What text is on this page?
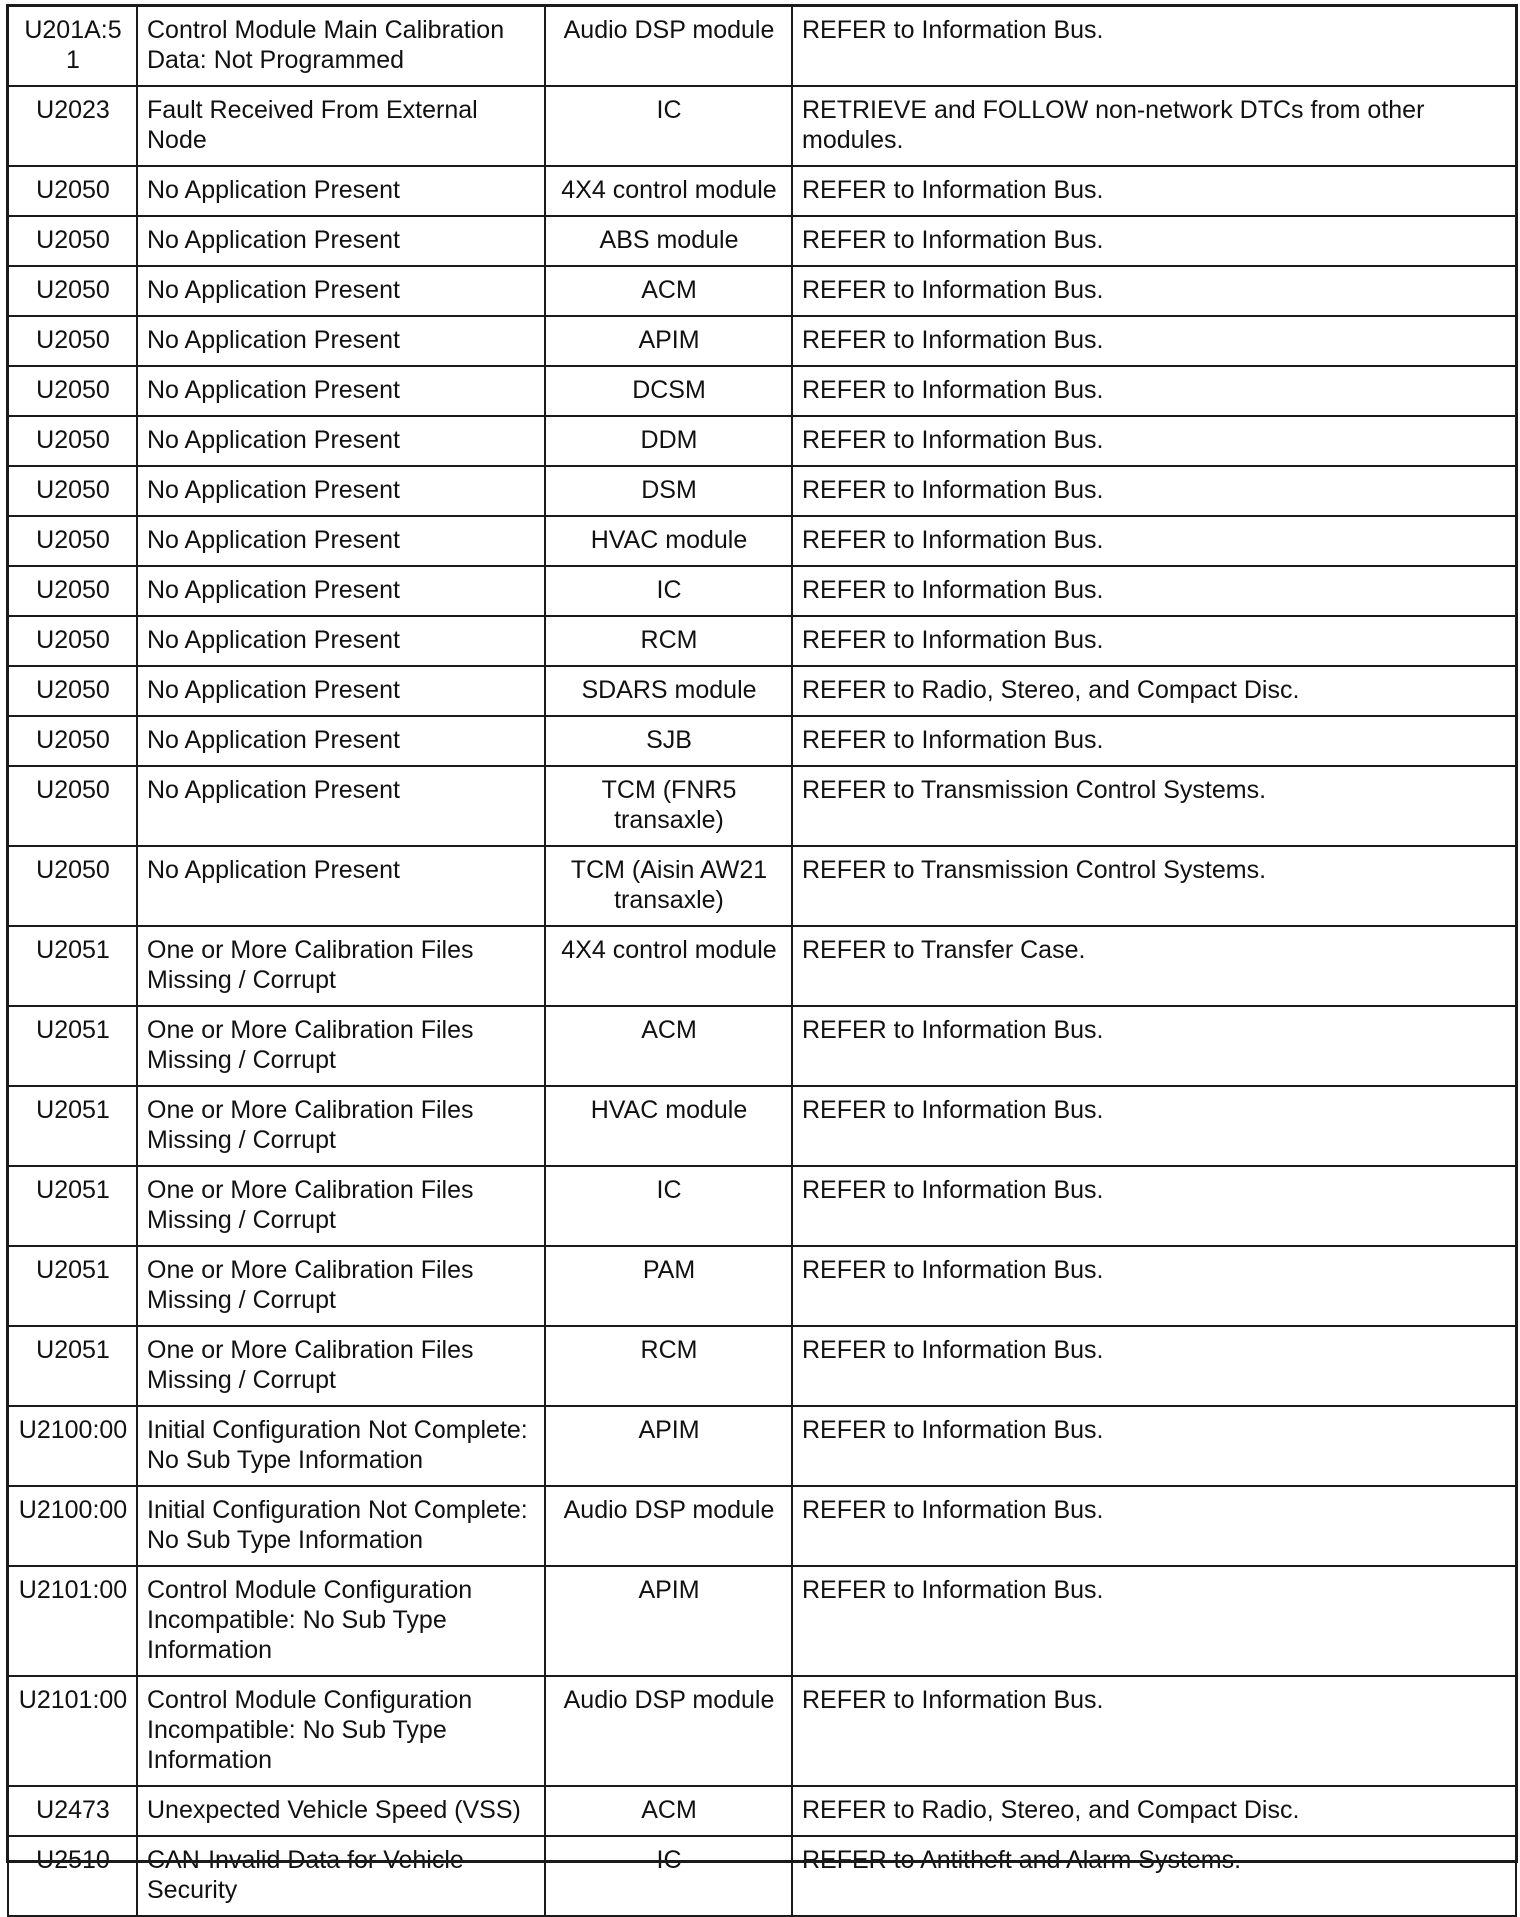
U201A:51	Control Module Main Calibration Data: Not Programmed	Audio DSP module	REFER to Information Bus.
U2023	Fault Received From External Node	IC	RETRIEVE and FOLLOW non-network DTCs from other modules.
U2050	No Application Present	4X4 control module	REFER to Information Bus.
U2050	No Application Present	ABS module	REFER to Information Bus.
U2050	No Application Present	ACM	REFER to Information Bus.
U2050	No Application Present	APIM	REFER to Information Bus.
U2050	No Application Present	DCSM	REFER to Information Bus.
U2050	No Application Present	DDM	REFER to Information Bus.
U2050	No Application Present	DSM	REFER to Information Bus.
U2050	No Application Present	HVAC module	REFER to Information Bus.
U2050	No Application Present	IC	REFER to Information Bus.
U2050	No Application Present	RCM	REFER to Information Bus.
U2050	No Application Present	SDARS module	REFER to Radio, Stereo, and Compact Disc.
U2050	No Application Present	SJB	REFER to Information Bus.
U2050	No Application Present	TCM (FNR5 transaxle)	REFER to Transmission Control Systems.
U2050	No Application Present	TCM (Aisin AW21 transaxle)	REFER to Transmission Control Systems.
U2051	One or More Calibration Files Missing / Corrupt	4X4 control module	REFER to Transfer Case.
U2051	One or More Calibration Files Missing / Corrupt	ACM	REFER to Information Bus.
U2051	One or More Calibration Files Missing / Corrupt	HVAC module	REFER to Information Bus.
U2051	One or More Calibration Files Missing / Corrupt	IC	REFER to Information Bus.
U2051	One or More Calibration Files Missing / Corrupt	PAM	REFER to Information Bus.
U2051	One or More Calibration Files Missing / Corrupt	RCM	REFER to Information Bus.
U2100:00	Initial Configuration Not Complete: No Sub Type Information	APIM	REFER to Information Bus.
U2100:00	Initial Configuration Not Complete: No Sub Type Information	Audio DSP module	REFER to Information Bus.
U2101:00	Control Module Configuration Incompatible: No Sub Type Information	APIM	REFER to Information Bus.
U2101:00	Control Module Configuration Incompatible: No Sub Type Information	Audio DSP module	REFER to Information Bus.
U2473	Unexpected Vehicle Speed (VSS)	ACM	REFER to Radio, Stereo, and Compact Disc.
U2510	CAN-Invalid Data for Vehicle Security	IC	REFER to Antitheft and Alarm Systems.
